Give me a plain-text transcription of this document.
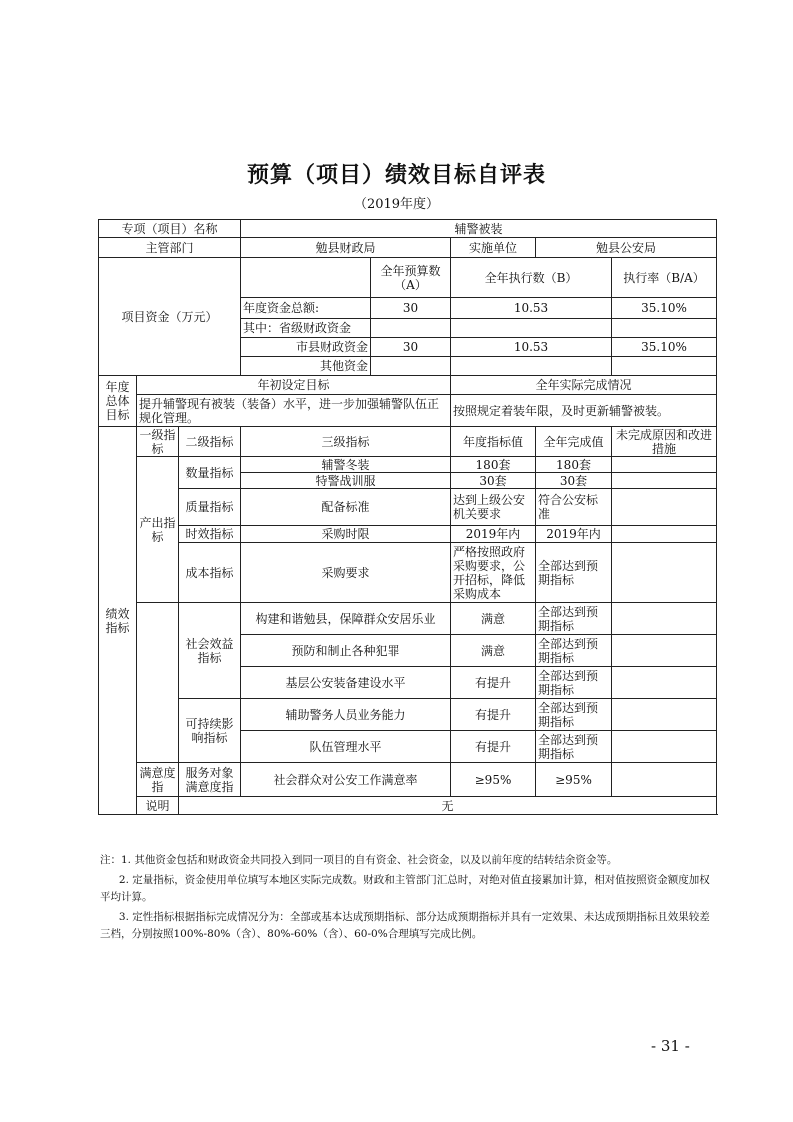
预算（项目）绩效目标自评表
（2019年度）
专项（项目）名称			辅警被装				
主管部门			勉县财政局		实施单位	勉县公安局	
项目资金（万元）				全年预算数（A）	全年执行数（B）		执行率（B/A）
			年度资金总额:	30	10.53		35.10%
			其中：省级财政资金				
			市县财政资金	30	10.53		35.10%
			其他资金				
年度总体目标	年初设定目标				全年实际完成情况		
	提升辅警现有被装（装备）水平，进一步加强辅警队伍正规化管理。				按照规定着装年限，及时更新辅警被装。		
绩效指标	一级指标	二级指标	三级指标		年度指标值	全年完成值	未完成原因和改进措施
	产出指标	数量指标	辅警冬装		180套	180套	
			特警战训服		30套	30套	
		质量指标	配备标准		达到上级公安机关要求	符合公安标准	
		时效指标	采购时限		2019年内	2019年内	
		成本指标	采购要求		严格按照政府采购要求，公开招标，降低采购成本	全部达到预期指标	

		社会效益指标	构建和谐勉县，保障群众安居乐业		满意	全部达到预期指标	
			预防和制止各种犯罪		满意	全部达到预期指标	
			基层公安装备建设水平		有提升	全部达到预期指标	
		可持续影响指标	辅助警务人员业务能力		有提升	全部达到预期指标	
			队伍管理水平		有提升	全部达到预期指标	
	满意度指	服务对象满意度指	社会群众对公安工作满意率		≥95%	≥95%	
	说明	无					

注：1. 其他资金包括和财政资金共同投入到同一项目的自有资金、社会资金，以及以前年度的结转结余资金等。

2. 定量指标，资金使用单位填写本地区实际完成数。财政和主管部门汇总时，对绝对值直接累加计算，相对值按照资金额度加权平均计算。

3. 定性指标根据指标完成情况分为：全部或基本达成预期指标、部分达成预期指标并具有一定效果、未达成预期指标且效果较差三档，分别按照100%-80%（含）、80%-60%（含）、60-0%合理填写完成比例。

- 31 -
